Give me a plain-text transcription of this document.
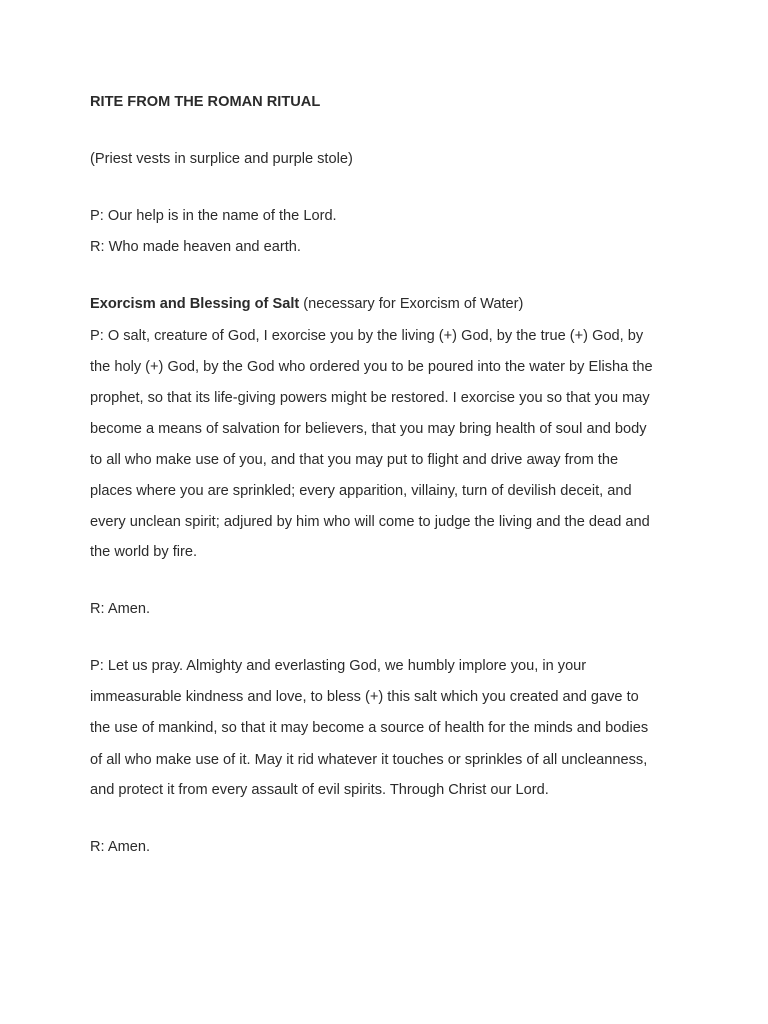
RITE FROM THE ROMAN RITUAL
(Priest vests in surplice and purple stole)
P: Our help is in the name of the Lord.
R: Who made heaven and earth.
Exorcism and Blessing of Salt (necessary for Exorcism of Water)
P: O salt, creature of God, I exorcise you by the living (+) God, by the true (+) God, by
the holy (+) God, by the God who ordered you to be poured into the water by Elisha the
prophet, so that its life-giving powers might be restored. I exorcise you so that you may
become a means of salvation for believers, that you may bring health of soul and body
to all who make use of you, and that you may put to flight and drive away from the
places where you are sprinkled; every apparition, villainy, turn of devilish deceit, and
every unclean spirit; adjured by him who will come to judge the living and the dead and
the world by fire.
R: Amen.
P: Let us pray. Almighty and everlasting God, we humbly implore you, in your
immeasurable kindness and love, to bless (+) this salt which you created and gave to
the use of mankind, so that it may become a source of health for the minds and bodies
of all who make use of it. May it rid whatever it touches or sprinkles of all uncleanness,
and protect it from every assault of evil spirits. Through Christ our Lord.
R: Amen.
